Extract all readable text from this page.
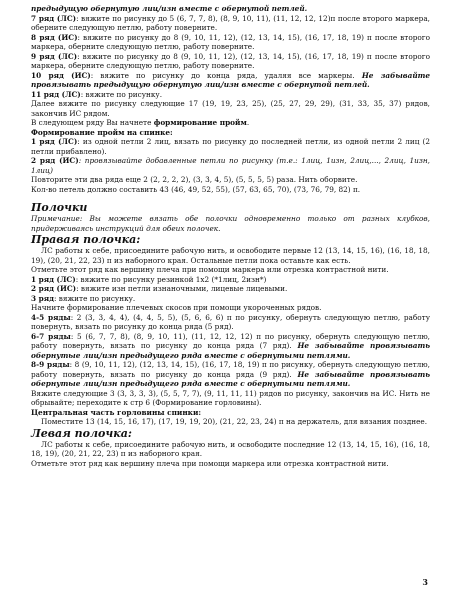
предыдущую обернутую лиц/изн вместе с обернутой петлей.

7 ряд (ЛС): вяжите по рисунку до 5 (6, 7, 7, 8), (8, 9, 10, 11), (11, 12, 12, 12)п после второго маркера, оберните следующую петлю, работу поверните.

8 ряд (ИС): вяжите по рисунку до 8 (9, 10, 11, 12), (12, 13, 14, 15), (16, 17, 18, 19) п после второго маркера, оберните следующую петлю, работу поверните.

9 ряд (ЛС): вяжите по рисунку до 8 (9, 10, 11, 12), (12, 13, 14, 15), (16, 17, 18, 19) п после второго маркера, оберните следующую петлю, работу поверните.

10 ряд (ИС): вяжите по рисунку до конца ряда, удаляя все маркеры. Не забывайте провязывать предыдущую обернутую лиц/изн вместе с обернутой петлей.

11 ряд (ЛС): вяжите по рисунку.

Далее вяжите по рисунку следующие 17 (19, 19, 23, 25), (25, 27, 29, 29), (31, 33, 35, 37) рядов, закончив ИС рядом.

В следующем ряду Вы начнете формирование пройм.

Формирование пройм на спинке:

1 ряд (ЛС): из одной петли 2 лиц, вязать по рисунку до последней петли, из одной петли 2 лиц (2 петли прибавлено).

2 ряд (ИС): провязывайте добавленные петли по рисунку (т.е.: 1лиц, 1изн, 2лиц,..., 2лиц, 1изн, 1лиц)

Повторите эти два ряда еще 2 (2, 2, 2, 2), (3, 3, 4, 5), (5, 5, 5, 5) раза. Нить оборвите.

Кол-во петель должно составить 43 (46, 49, 52, 55), (57, 63, 65, 70), (73, 76, 79, 82) п.

Полочки

Примечание: Вы можете вязать обе полочки одновременно только от разных клубков, придерживаясь инструкций для обеих полочек.

Правая полочка:

ЛС работы к себе, присоедините рабочую нить, и освободите первые 12 (13, 14, 15, 16), (16, 18, 18, 19), (20, 21, 22, 23) п из наборного края. Остальные петли пока оставьте как есть.

Отметьте этот ряд как вершину плеча при помощи маркера или отрезка контрастной нити.

1 ряд (ЛС): вяжите по рисунку резинкой 1х2 (*1лиц, 2изн*)

2 ряд (ИС): вяжите изн петли изнаночными, лицевые лицевыми.

3 ряд: вяжите по рисунку.

Начните формирование плечевых скосов при помощи укороченных рядов.

4-5 ряды: 2 (3, 3, 4, 4), (4, 4, 5, 5), (5, 6, 6, 6) п по рисунку, обернуть следующую петлю, работу повернуть, вязать по рисунку до конца ряда (5 ряд).

6-7 ряды: 5 (6, 7, 7, 8), (8, 9, 10, 11), (11, 12, 12, 12) п по рисунку, обернуть следующую петлю, работу повернуть, вязать по рисунку до конца ряда (7 ряд). Не забывайте провязывать обернутые лиц/изн предыдущего ряда вместе с обернутыми петлями.

8-9 ряды: 8 (9, 10, 11, 12), (12, 13, 14, 15), (16, 17, 18, 19) п по рисунку, обернуть следующую петлю, работу повернуть, вязать по рисунку до конца ряда (9 ряд). Не забывайте провязывать обернутые лиц/изн предыдущего ряда вместе с обернутыми петлями.

Вяжите следующие 3 (3, 3, 3, 3), (5, 5, 7, 7), (9, 11, 11, 11) рядов по рисунку, закончив на ИС. Нить не обрывайте; переходите к стр 6 (Формирование горловины).

Центральная часть горловины спинки:

Поместите 13 (14, 15, 16, 17), (17, 19, 19, 20), (21, 22, 23, 24) п на держатель, для вязания позднее.

Левая полочка:

ЛС работы к себе, присоедините рабочую нить, и освободите последние 12 (13, 14, 15, 16), (16, 18, 18, 19), (20, 21, 22, 23) п из наборного края.

Отметьте этот ряд как вершину плеча при помощи маркера или отрезка контрастной нити.

3
